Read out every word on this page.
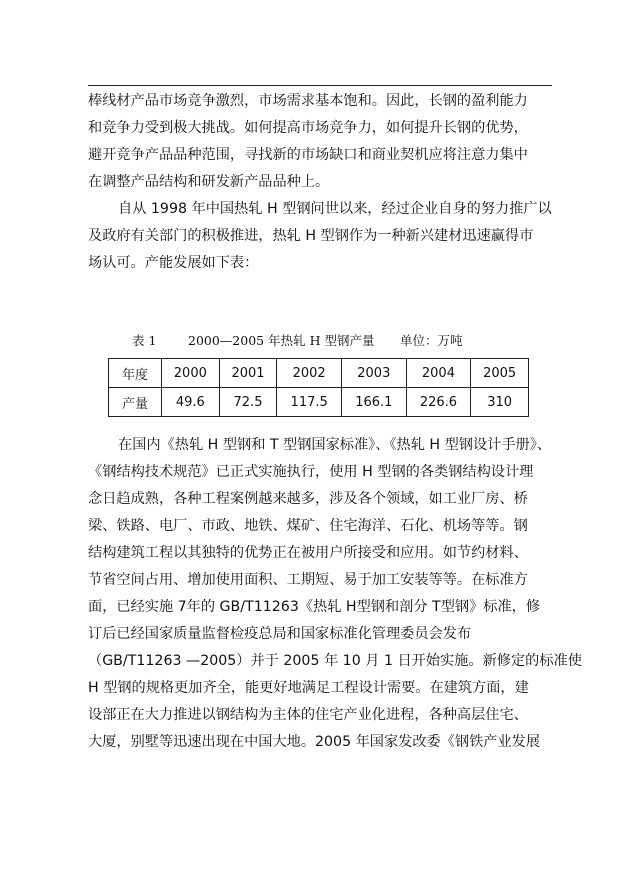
棒线材产品市场竞争激烈，市场需求基本饱和。因此，长钢的盈利能力
和竞争力受到极大挑战。如何提高市场竞争力，如何提升长钢的优势，
避开竞争产品品种范围，寻找新的市场缺口和商业契机应将注意力集中
在调整产品结构和研发新产品品种上。

自从 1998 年中国热轧 H 型钢问世以来，经过企业自身的努力推广以
及政府有关部门的积极推进，热轧 H 型钢作为一种新兴建材迅速赢得市
场认可。产能发展如下表：

表 1	2000—2005 年热轧 H 型钢产量 单位：万吨
年度	2000	2001	2002	2003	2004	2005
产量	49.6	72.5	117.5	166.1	226.6	310

在国内《热轧 H 型钢和 T 型钢国家标准》、《热轧 H 型钢设计手册》、
《钢结构技术规范》已正式实施执行，使用 H 型钢的各类钢结构设计理
念日趋成熟，各种工程案例越来越多，涉及各个领域，如工业厂房、桥
梁、铁路、电厂、市政、地铁、煤矿、住宅海洋、石化、机场等等。钢
结构建筑工程以其独特的优势正在被用户所接受和应用。如节约材料、
节省空间占用、增加使用面积、工期短、易于加工安装等等。在标准方
面，已经实施 7年的 GB/T11263《热轧 H型钢和剖分 T型钢》标准，修
订后已经国家质量监督检疫总局和国家标准化管理委员会发布
（GB/T11263 —2005）并于 2005 年 10 月 1 日开始实施。新修定的标准使
H 型钢的规格更加齐全，能更好地满足工程设计需要。在建筑方面，建
设部正在大力推进以钢结构为主体的住宅产业化进程，各种高层住宅、
大厦，别墅等迅速出现在中国大地。2005 年国家发改委《钢铁产业发展
